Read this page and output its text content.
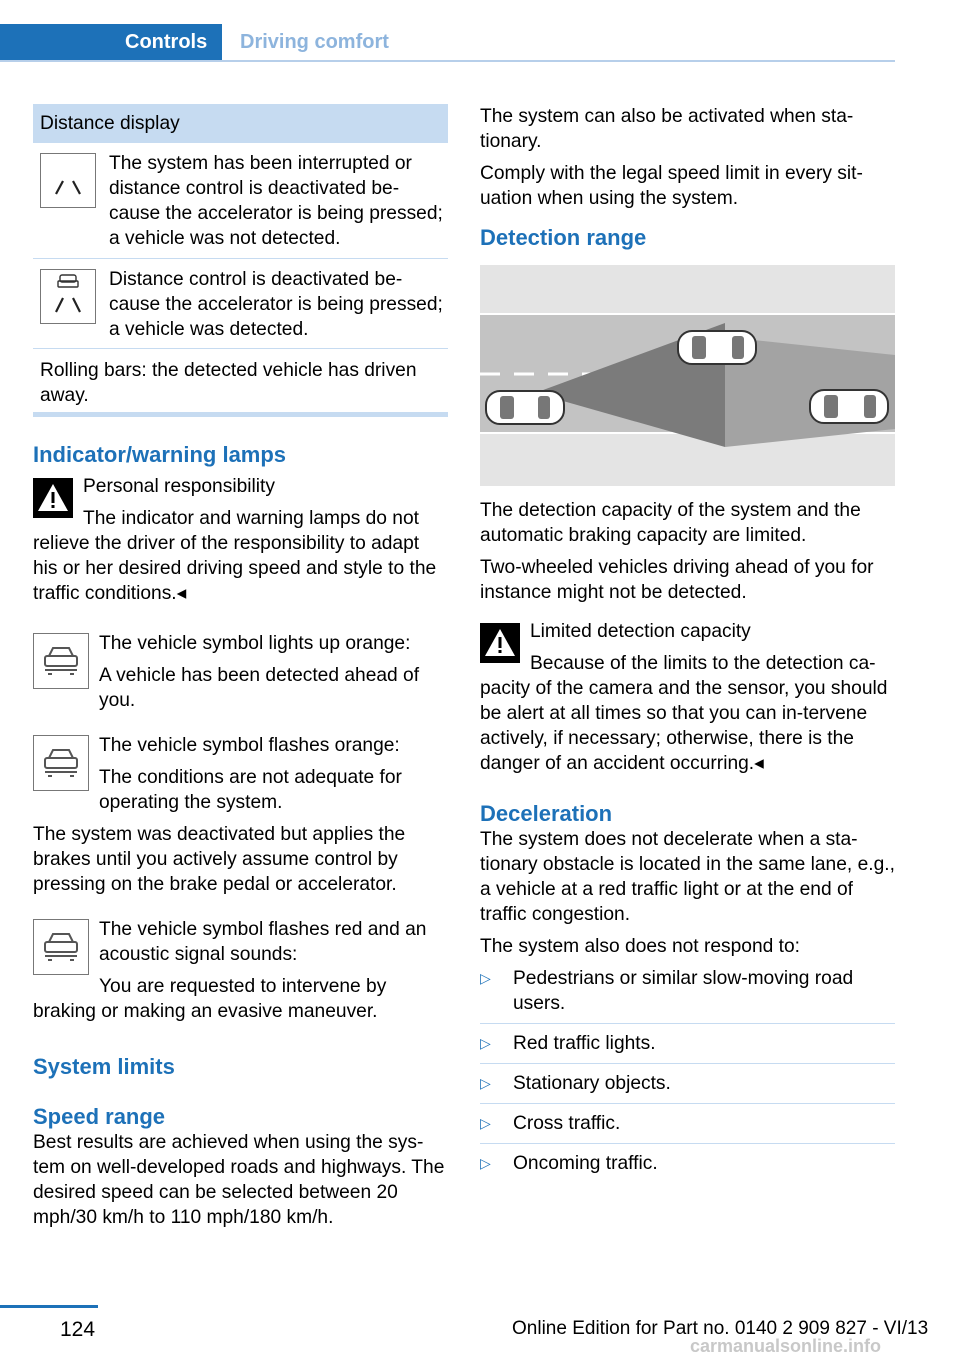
Controls	Driving comfort
Distance display
The system has been interrupted or distance control is deactivated be-cause the accelerator is being pressed; a vehicle was not detected.
Distance control is deactivated be-cause the accelerator is being pressed; a vehicle was detected.
Rolling bars: the detected vehicle has driven away.
Indicator/warning lamps
Personal responsibility
The indicator and warning lamps do not relieve the driver of the responsibility to adapt his or her desired driving speed and style to the traffic conditions.◂

The vehicle symbol lights up orange:

A vehicle has been detected ahead of you.

The vehicle symbol flashes orange:

The conditions are not adequate for operating the system.

The system was deactivated but applies the brakes until you actively assume control by pressing on the brake pedal or accelerator.

The vehicle symbol flashes red and an acoustic signal sounds:

You are requested to intervene by braking or making an evasive maneuver.

System limits
Speed range

Best results are achieved when using the sys-tem on well-developed roads and highways. The desired speed can be selected between 20 mph/30 km/h to 110 mph/180 km/h.

The system can also be activated when sta-tionary.

Comply with the legal speed limit in every sit-uation when using the system.

Detection range

The detection capacity of the system and the automatic braking capacity are limited.

Two-wheeled vehicles driving ahead of you for instance might not be detected.

Limited detection capacity
Because of the limits to the detection ca-pacity of the camera and the sensor, you should be alert at all times so that you can in-tervene actively, if necessary; otherwise, there is the danger of an accident occurring.◂
Deceleration

The system does not decelerate when a sta-tionary obstacle is located in the same lane, e.g., a vehicle at a red traffic light or at the end of traffic congestion.

The system also does not respond to:

▷ Pedestrians or similar slow-moving road users.
▷ Red traffic lights.
▷ Stationary objects.
▷ Cross traffic.
▷ Oncoming traffic.
124	Online Edition for Part no. 0140 2 909 827 - VI/13
carmanualsonline.info
